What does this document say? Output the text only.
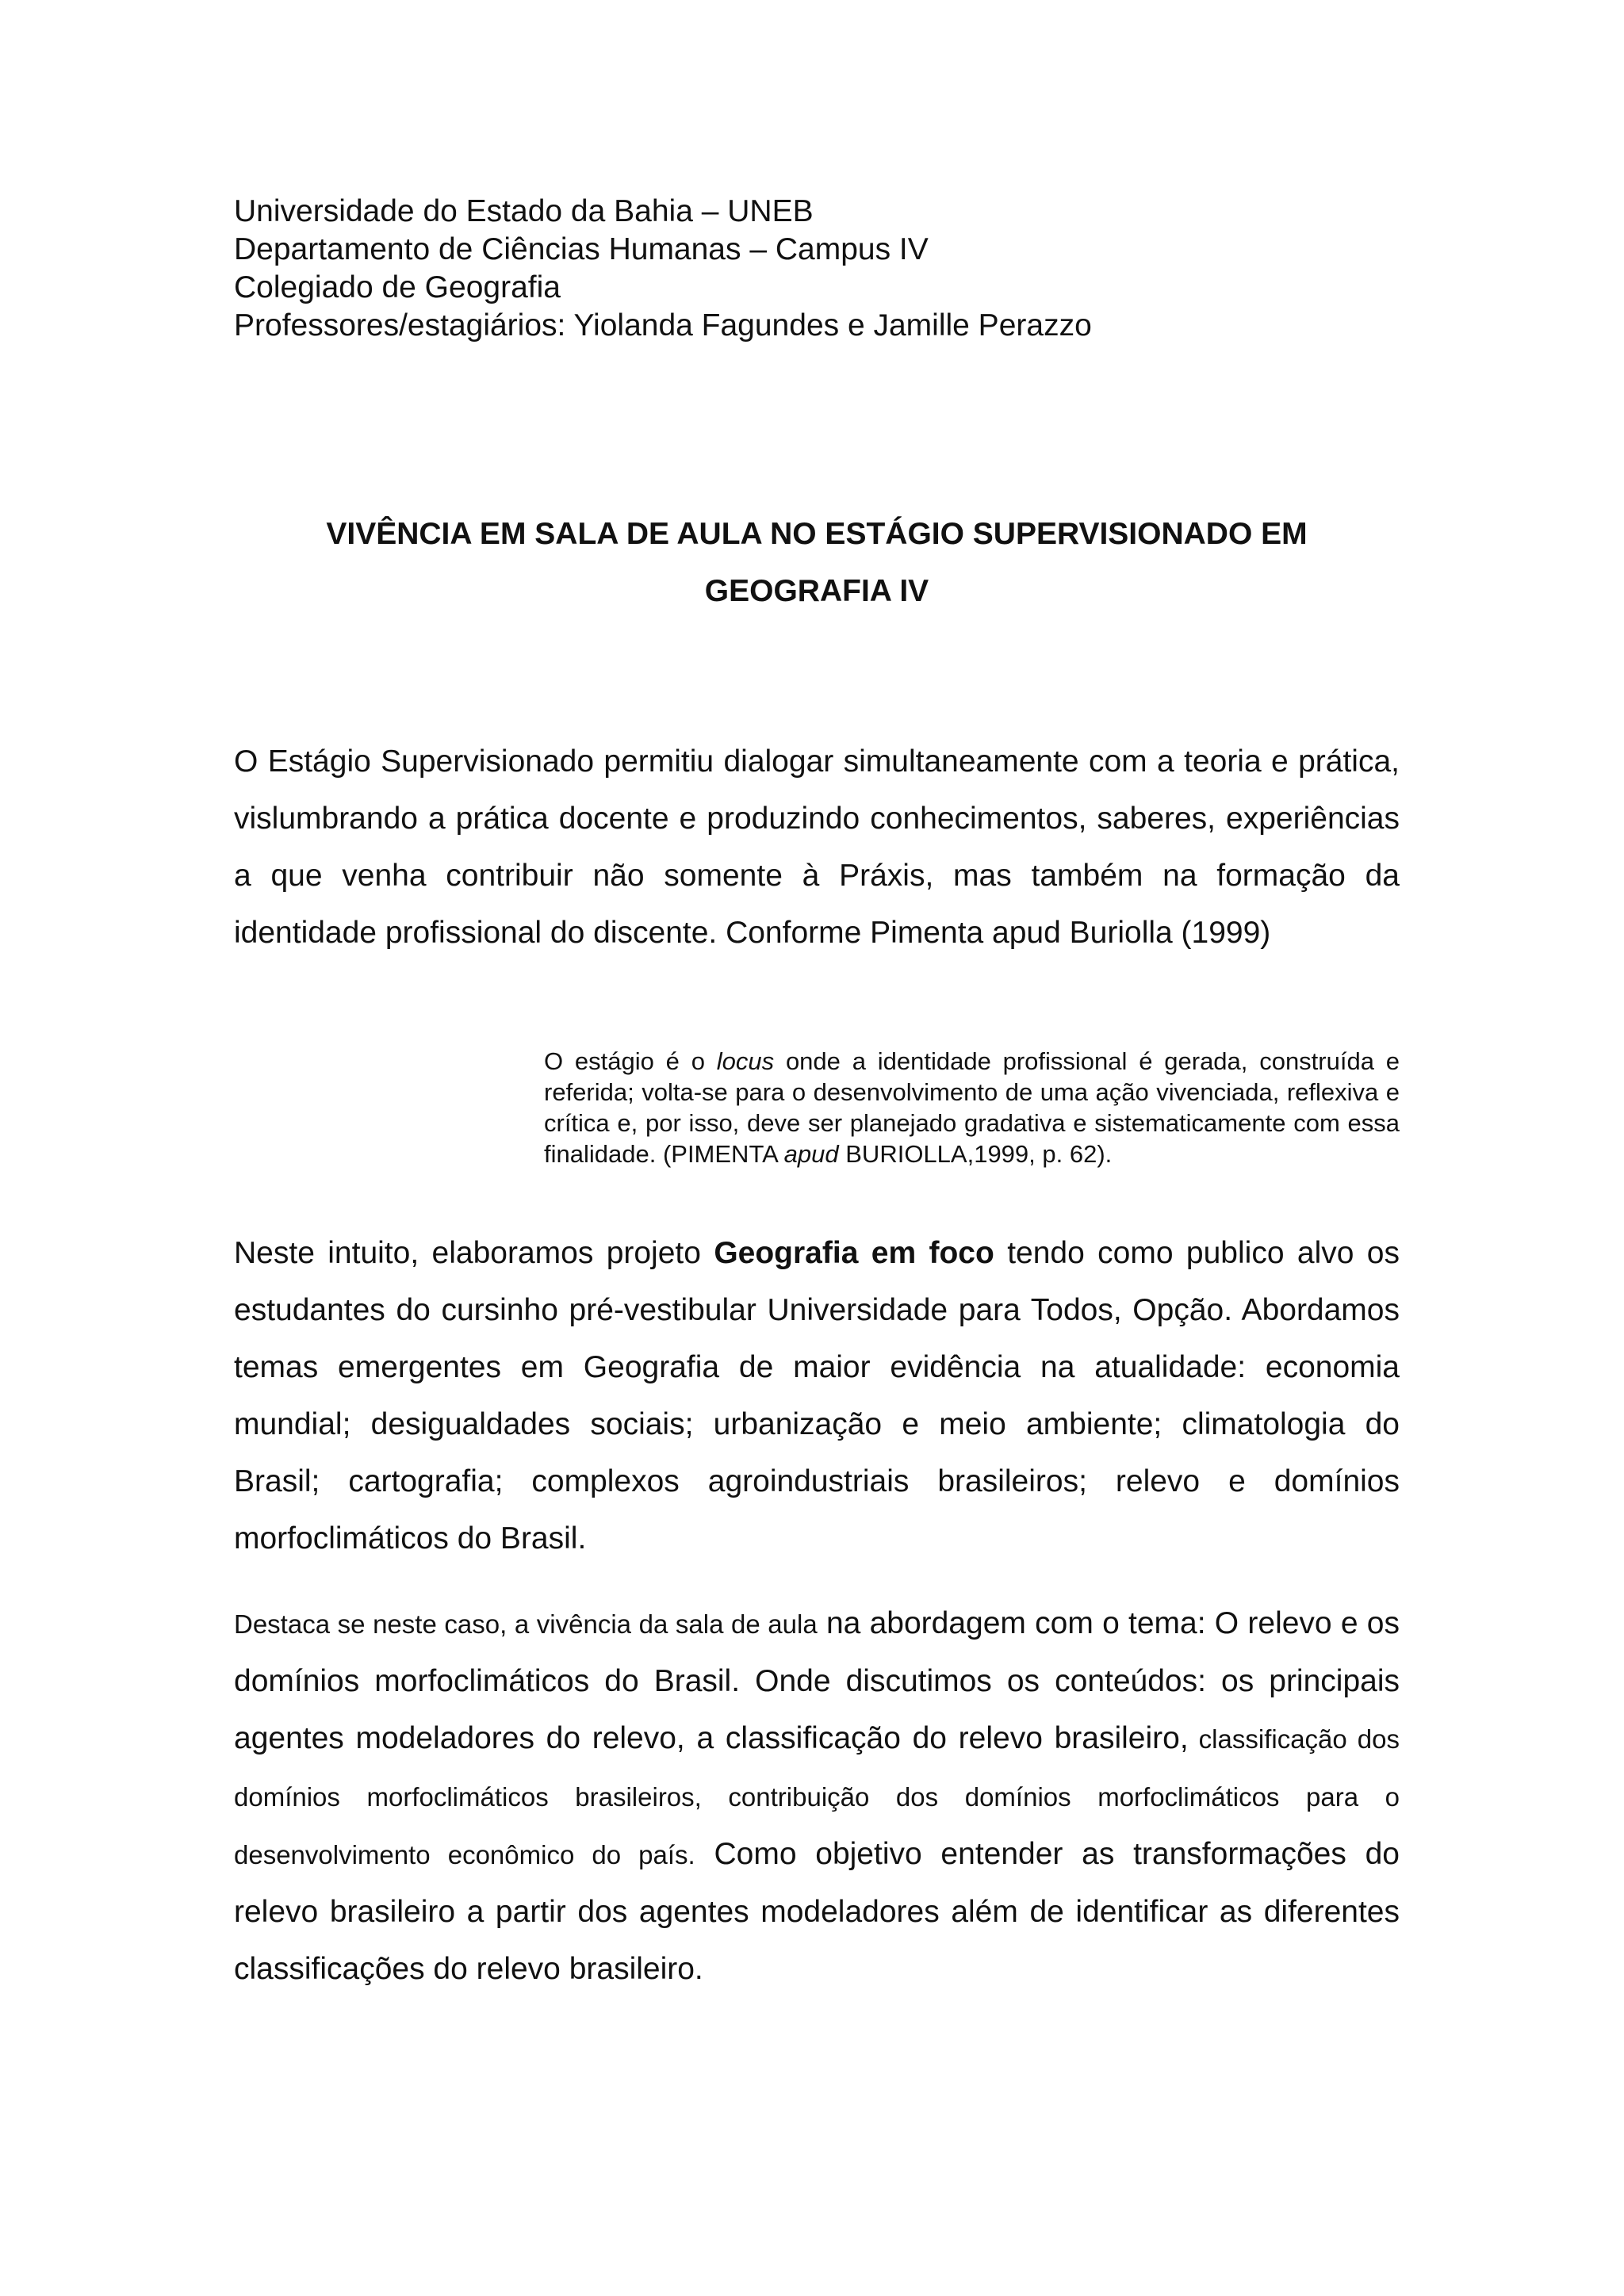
Universidade do Estado da Bahia – UNEB

Departamento de Ciências Humanas – Campus IV

Colegiado de Geografia

Professores/estagiários: Yiolanda Fagundes e Jamille Perazzo

VIVÊNCIA EM SALA DE AULA NO ESTÁGIO SUPERVISIONADO EM
GEOGRAFIA IV

O Estágio Supervisionado permitiu dialogar simultaneamente com a teoria e prática, vislumbrando a prática docente e produzindo conhecimentos, saberes, experiências a que venha contribuir não somente à Práxis, mas também na formação da identidade profissional do discente. Conforme Pimenta apud Buriolla (1999)

O estágio é o locus onde a identidade profissional é gerada, construída e referida; volta-se para o desenvolvimento de uma ação vivenciada, reflexiva e crítica e, por isso, deve ser planejado gradativa e sistematicamente com essa finalidade. (PIMENTA apud BURIOLLA,1999, p. 62).

Neste intuito, elaboramos projeto Geografia em foco tendo como publico alvo os estudantes do cursinho pré-vestibular Universidade para Todos, Opção. Abordamos temas emergentes em Geografia de maior evidência na atualidade: economia mundial; desigualdades sociais; urbanização e meio ambiente; climatologia do Brasil; cartografia; complexos agroindustriais brasileiros; relevo e domínios morfoclimáticos do Brasil.

Destaca se neste caso, a vivência da sala de aula na abordagem com o tema: O relevo e os domínios morfoclimáticos do Brasil. Onde discutimos os conteúdos: os principais agentes modeladores do relevo, a classificação do relevo brasileiro, classificação dos domínios morfoclimáticos brasileiros, contribuição dos domínios morfoclimáticos para o desenvolvimento econômico do país. Como objetivo entender as transformações do relevo brasileiro a partir dos agentes modeladores além de identificar as diferentes classificações do relevo brasileiro.
